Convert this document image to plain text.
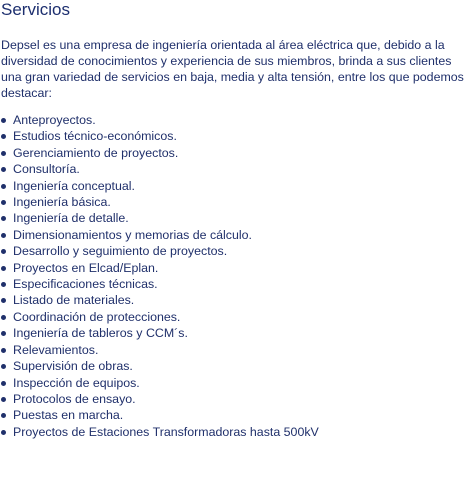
Servicios

Depsel es una empresa de ingeniería orientada al área eléctrica que, debido a la diversidad de conocimientos y experiencia de sus miembros, brinda a sus clientes una gran variedad de servicios en baja, media y alta tensión, entre los que podemos destacar:

Anteproyectos.
Estudios técnico-económicos.
Gerenciamiento de proyectos.
Consultoría.
Ingeniería conceptual.
Ingeniería básica.
Ingeniería de detalle.
Dimensionamientos y memorias de cálculo.
Desarrollo y seguimiento de proyectos.
Proyectos en Elcad/Eplan.
Especificaciones técnicas.
Listado de materiales.
Coordinación de protecciones.
Ingeniería de tableros y CCM´s.
Relevamientos.
Supervisión de obras.
Inspección de equipos.
Protocolos de ensayo.
Puestas en marcha.
Proyectos de Estaciones Transformadoras hasta 500kV
